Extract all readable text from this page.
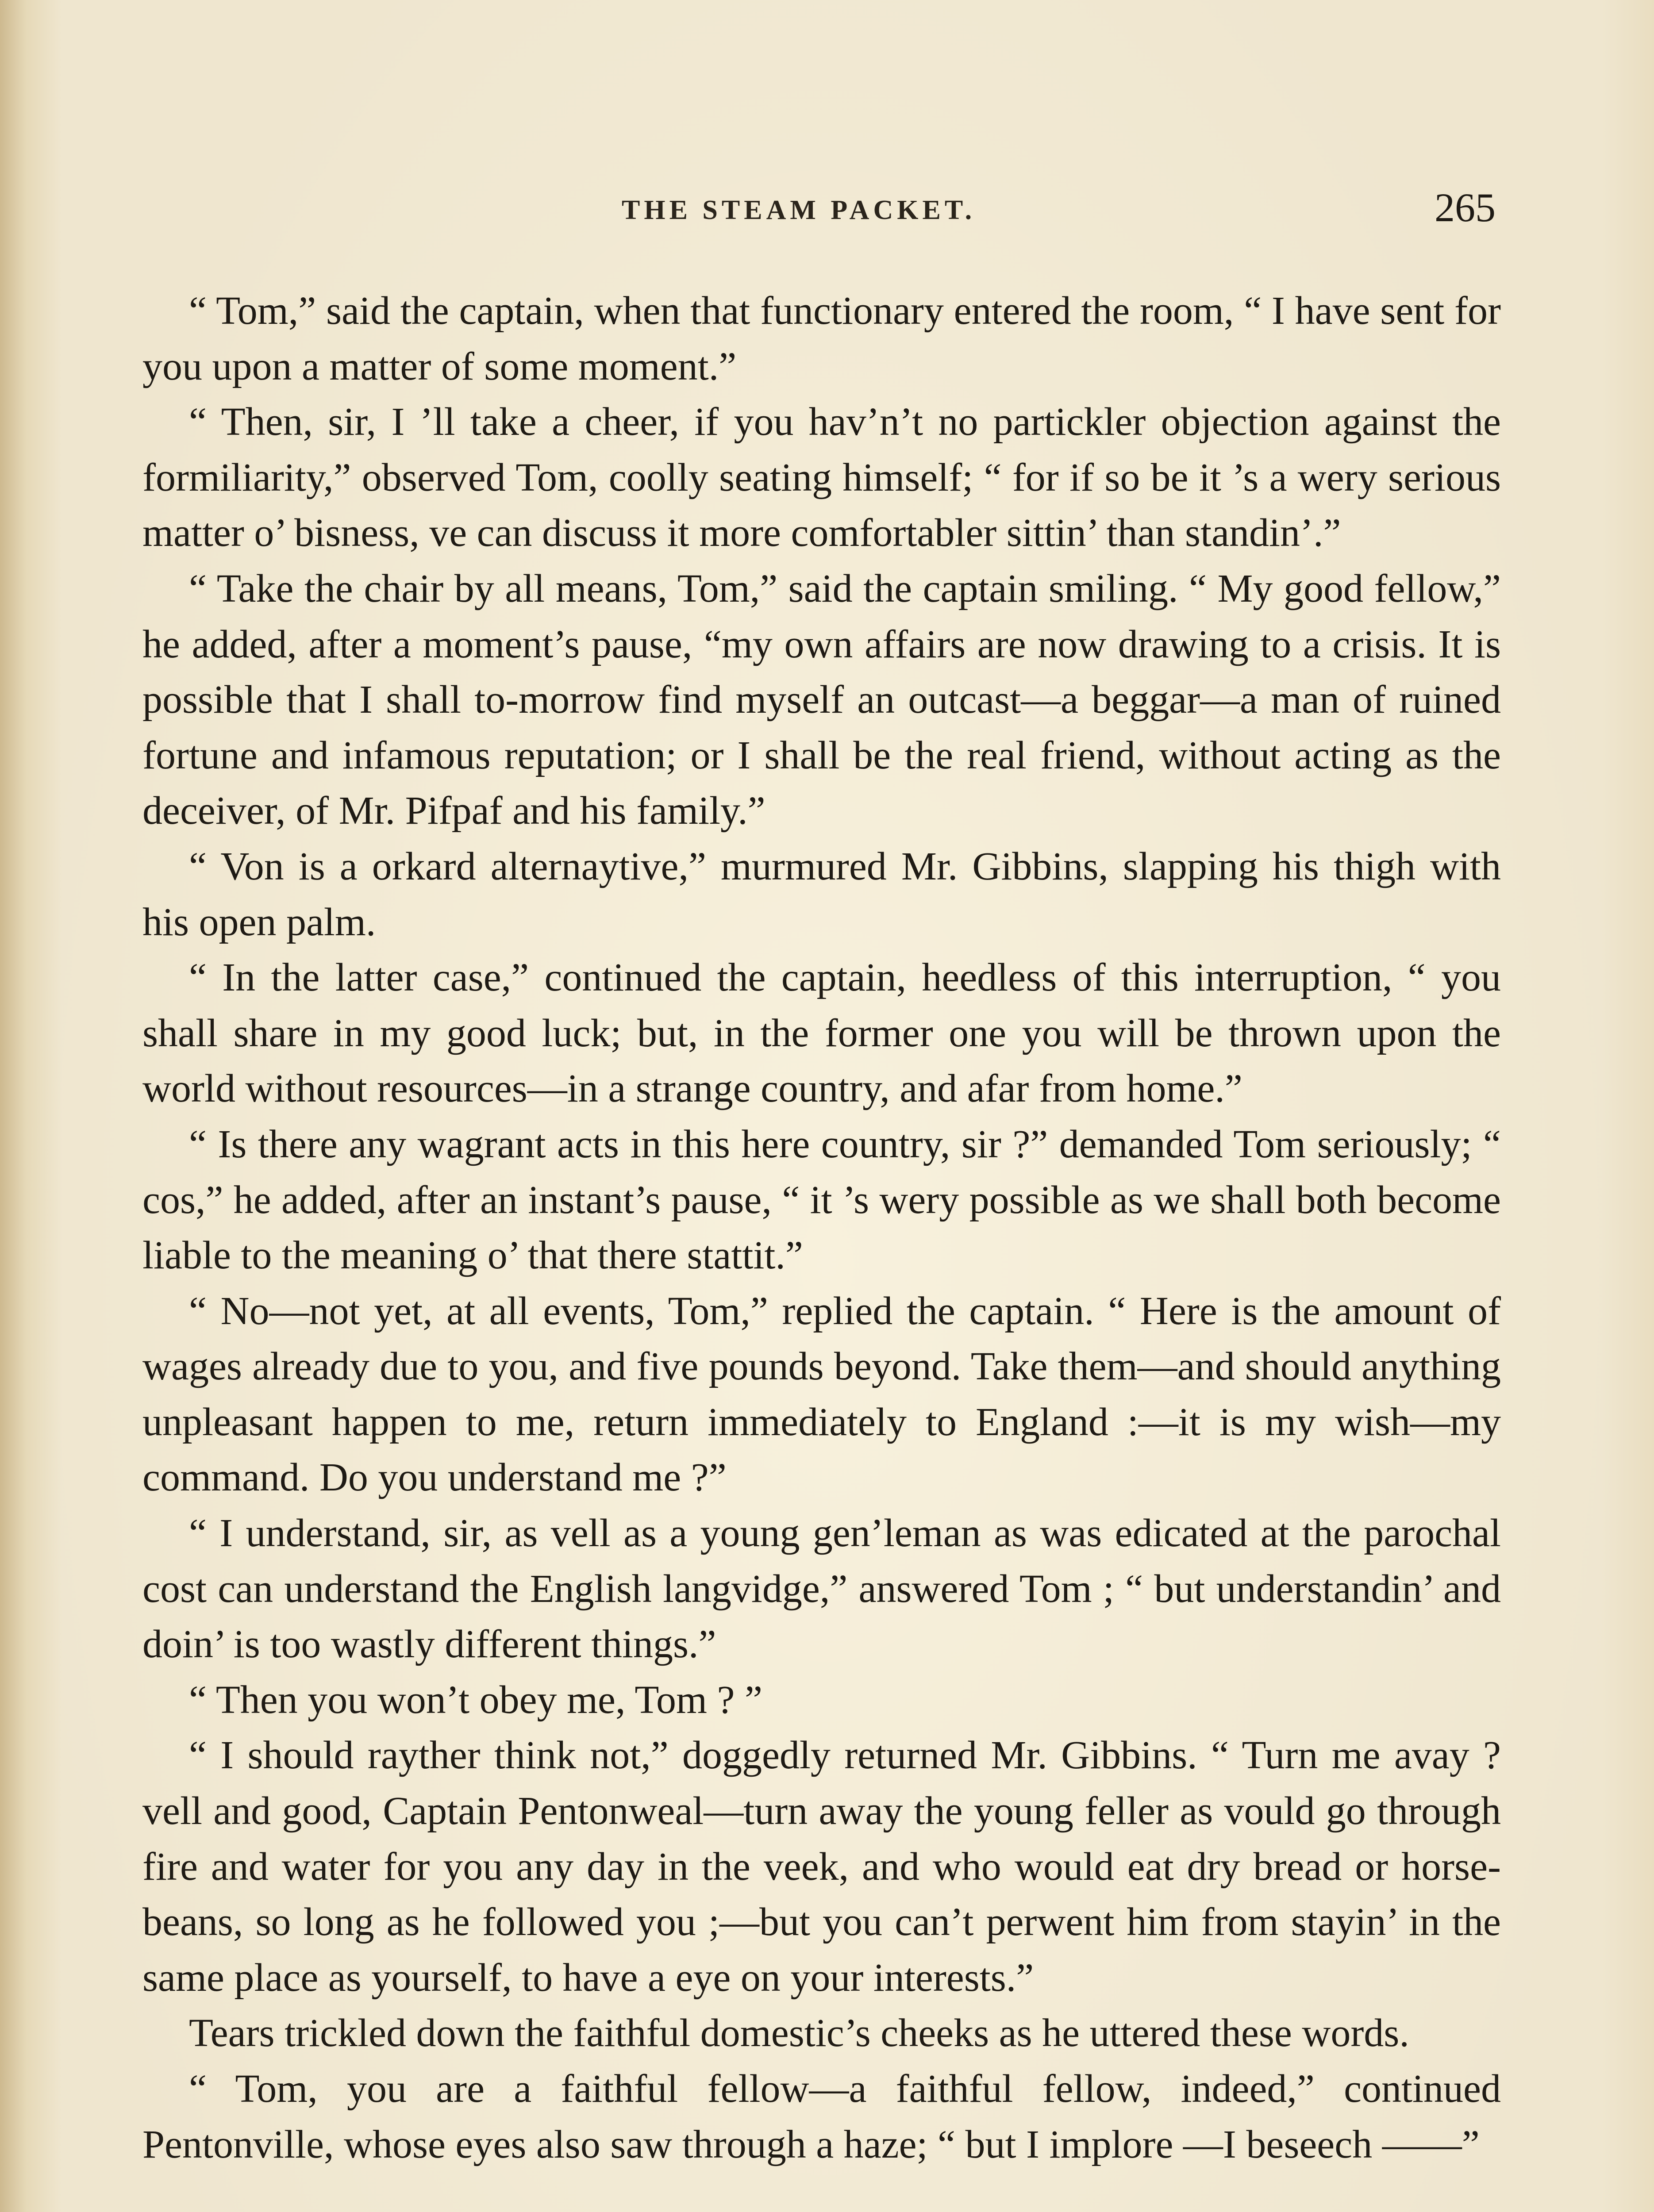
THE STEAM PACKET.	265

“ Tom,” said the captain, when that functionary entered the room, “ I have sent for you upon a matter of some moment.”

“ Then, sir, I ’ll take a cheer, if you hav’n’t no partickler objection against the formiliarity,” observed Tom, coolly seating himself; “ for if so be it ’s a wery serious matter o’ bisness, ve can discuss it more comfortabler sittin’ than standin’.”

“ Take the chair by all means, Tom,” said the captain smiling. “ My good fellow,” he added, after a moment’s pause, “my own affairs are now drawing to a crisis. It is possible that I shall to-morrow find myself an outcast—a beggar—a man of ruined fortune and infamous reputation; or I shall be the real friend, without acting as the deceiver, of Mr. Pifpaf and his family.”

“ Von is a orkard alternaytive,” murmured Mr. Gibbins, slapping his thigh with his open palm.

“ In the latter case,” continued the captain, heedless of this interruption, “ you shall share in my good luck; but, in the former one you will be thrown upon the world without resources—in a strange country, and afar from home.”

“ Is there any wagrant acts in this here country, sir ?” demanded Tom seriously; “ cos,” he added, after an instant’s pause, “ it ’s wery possible as we shall both become liable to the meaning o’ that there stattit.”

“ No—not yet, at all events, Tom,” replied the captain. “ Here is the amount of wages already due to you, and five pounds beyond. Take them—and should anything unpleasant happen to me, return immediately to England :—it is my wish—my command. Do you understand me ?”

“ I understand, sir, as vell as a young gen’leman as was edicated at the parochal cost can understand the English langvidge,” answered Tom ; “ but understandin’ and doin’ is too wastly different things.”

“ Then you won’t obey me, Tom ? ”

“ I should rayther think not,” doggedly returned Mr. Gibbins. “ Turn me avay ? vell and good, Captain Pentonweal—turn away the young feller as vould go through fire and water for you any day in the veek, and who would eat dry bread or horse-beans, so long as he followed you ;—but you can’t perwent him from stayin’ in the same place as yourself, to have a eye on your interests.”

Tears trickled down the faithful domestic’s cheeks as he uttered these words.

“ Tom, you are a faithful fellow—a faithful fellow, indeed,” continued Pentonville, whose eyes also saw through a haze; “ but I implore —I beseech ——”
